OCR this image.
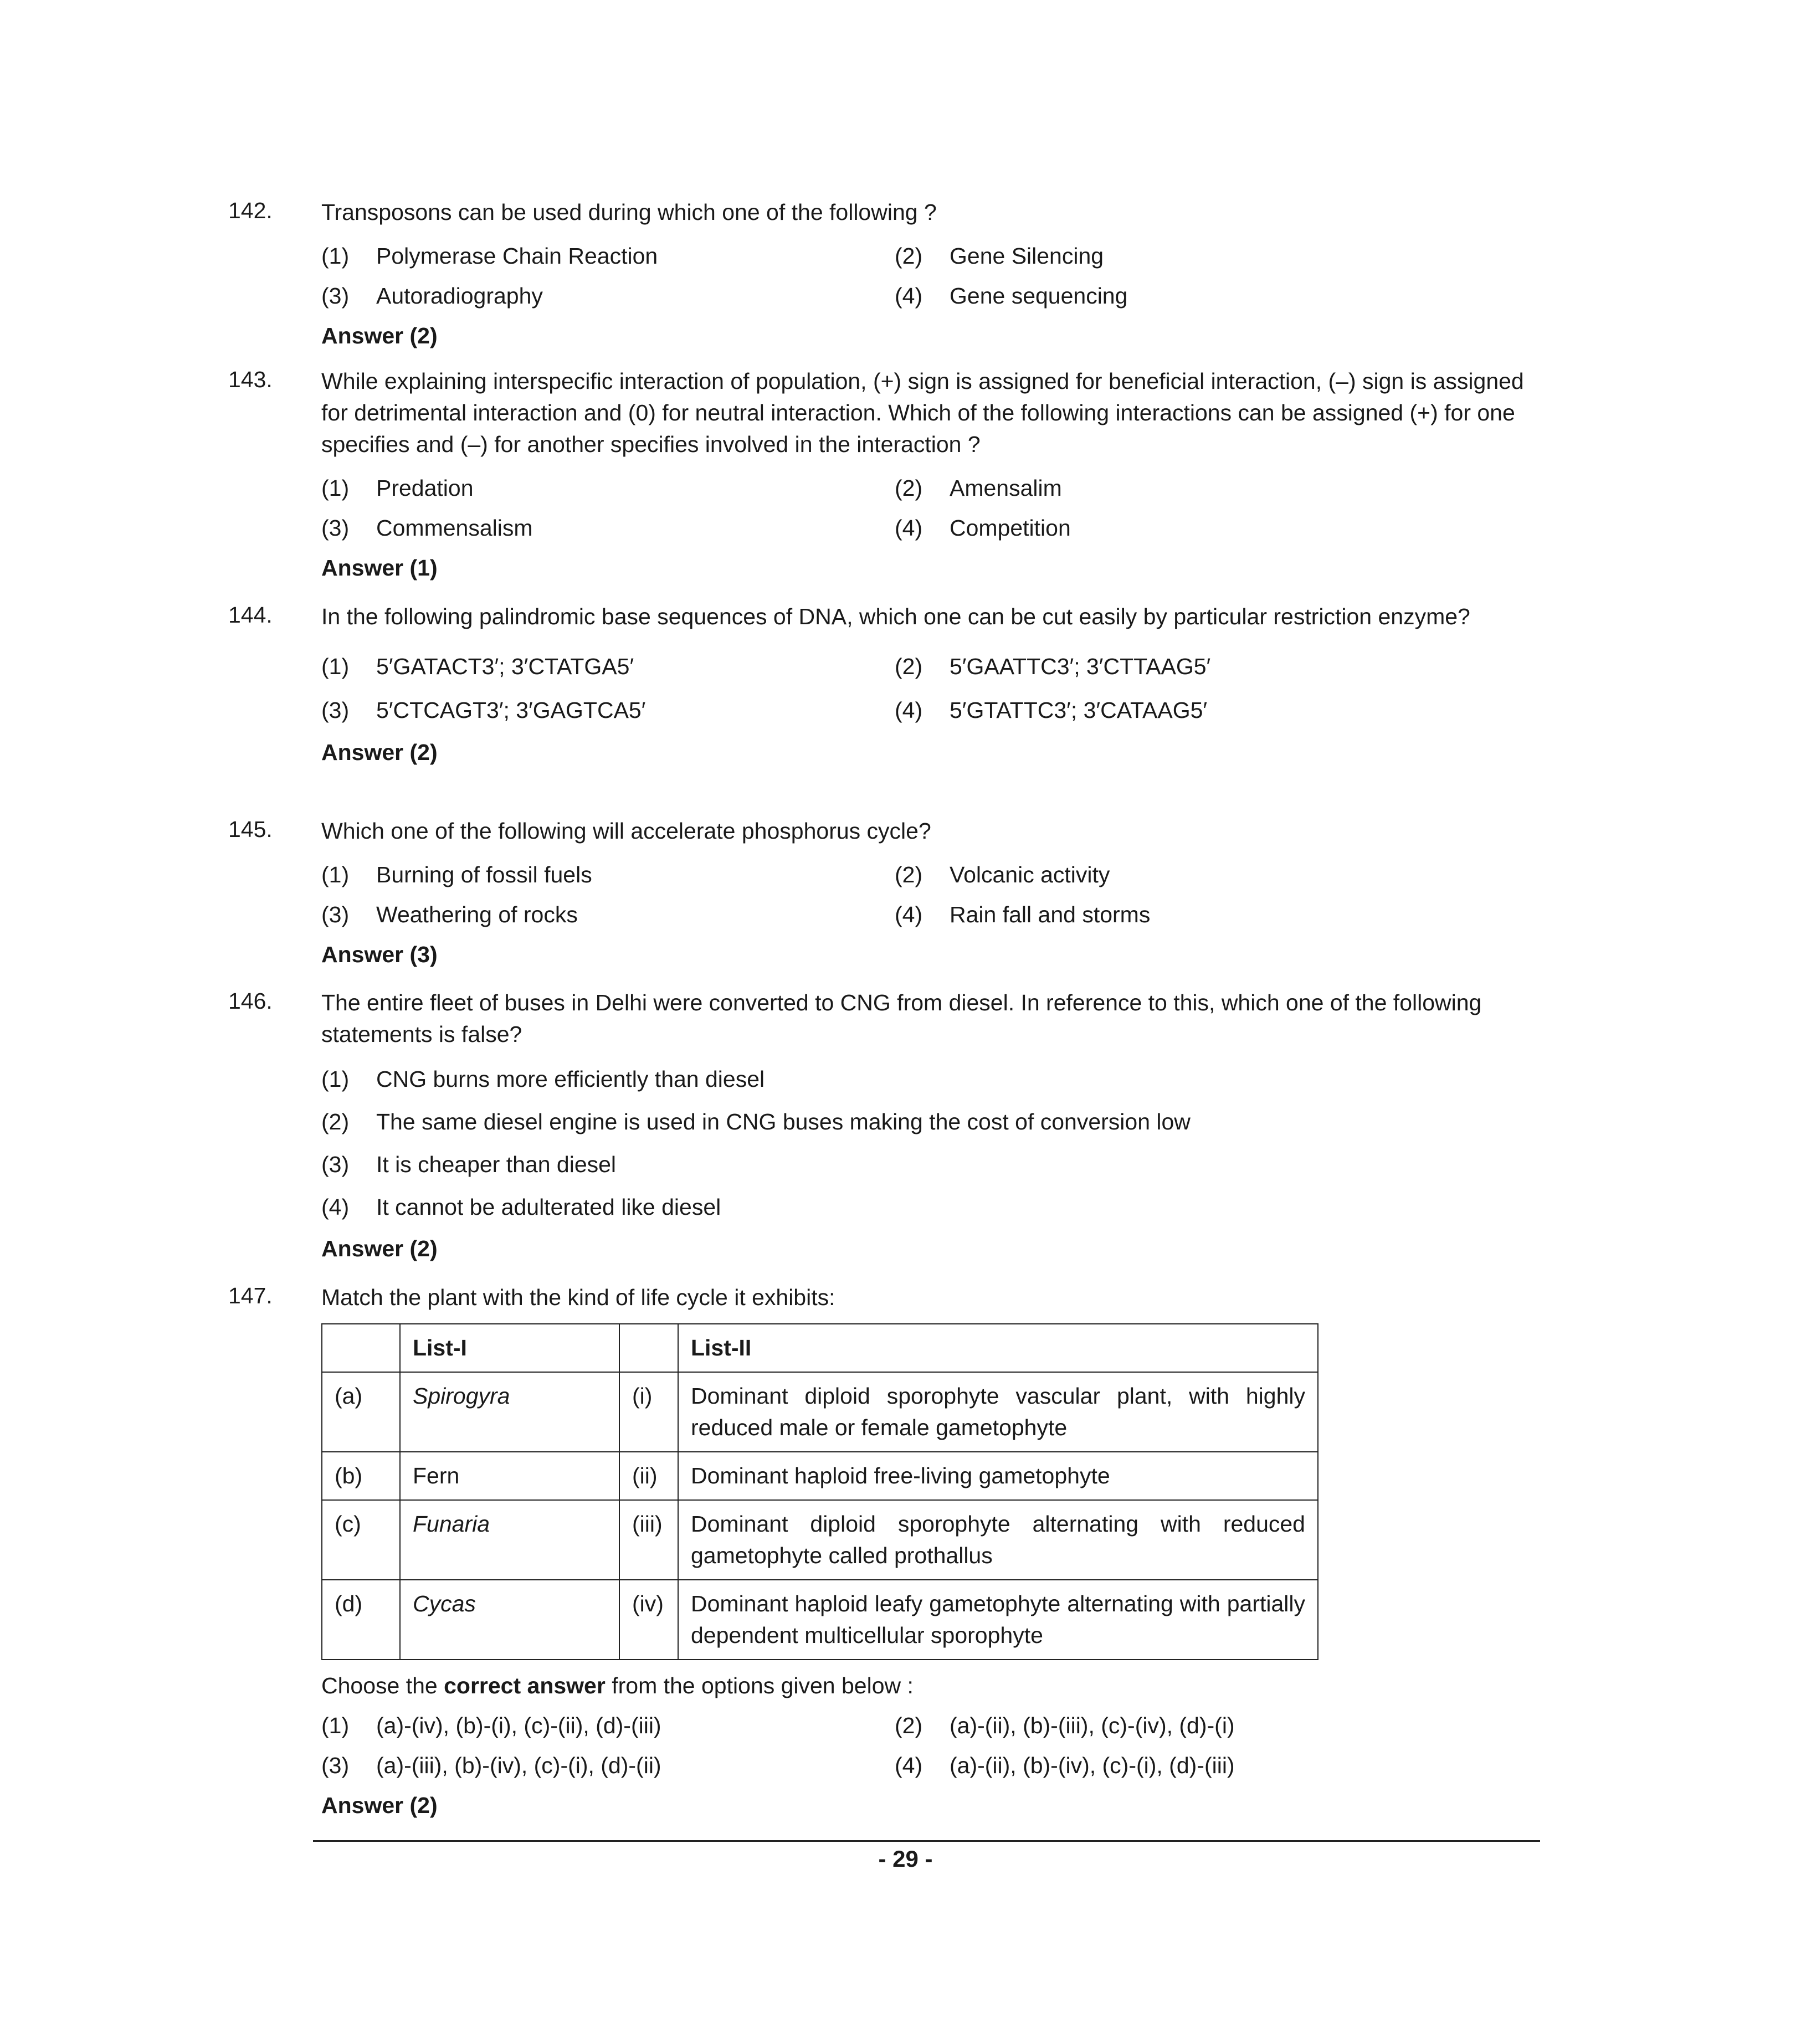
142. Transposons can be used during which one of the following ?

(1)	Polymerase Chain Reaction	(2)	Gene Silencing
(3)	Autoradiography	(4)	Gene sequencing
Answer (2)
143. While explaining interspecific interaction of population, (+) sign is assigned for beneficial interaction, (–) sign is assigned for detrimental interaction and (0) for neutral interaction. Which of the following interactions can be assigned (+) for one specifies and (–) for another specifies involved in the interaction ?

(1)	Predation	(2)	Amensalim
(3)	Commensalism	(4)	Competition
Answer (1)
144. In the following palindromic base sequences of DNA, which one can be cut easily by particular restriction enzyme?

(1)	5′GATACT3′; 3′CTATGA5′	(2)	5′GAATTC3′; 3′CTTAAG5′
(3)	5′CTCAGT3′; 3′GAGTCA5′	(4)	5′GTATTC3′; 3′CATAAG5′
Answer (2)
145. Which one of the following will accelerate phosphorus cycle?

(1)	Burning of fossil fuels	(2)	Volcanic activity
(3)	Weathering of rocks	(4)	Rain fall and storms
Answer (3)
146. The entire fleet of buses in Delhi were converted to CNG from diesel. In reference to this, which one of the following statements is false?

(1)	CNG burns more efficiently than diesel
(2)	The same diesel engine is used in CNG buses making the cost of conversion low
(3)	It is cheaper than diesel
(4)	It cannot be adulterated like diesel
Answer (2)
147. Match the plant with the kind of life cycle it exhibits:

	List-I		List-II
(a)	Spirogyra	(i)	Dominant diploid sporophyte vascular plant, with highly reduced male or female gametophyte
(b)	Fern	(ii)	Dominant haploid free-living gametophyte
(c)	Funaria	(iii)	Dominant diploid sporophyte alternating with reduced gametophyte called prothallus
(d)	Cycas	(iv)	Dominant haploid leafy gametophyte alternating with partially dependent multicellular sporophyte
Choose the correct answer from the options given below :
(1)	(a)-(iv), (b)-(i), (c)-(ii), (d)-(iii)	(2)	(a)-(ii), (b)-(iii), (c)-(iv), (d)-(i)
(3)	(a)-(iii), (b)-(iv), (c)-(i), (d)-(ii)	(4)	(a)-(ii), (b)-(iv), (c)-(i), (d)-(iii)
Answer (2)
- 29 -
